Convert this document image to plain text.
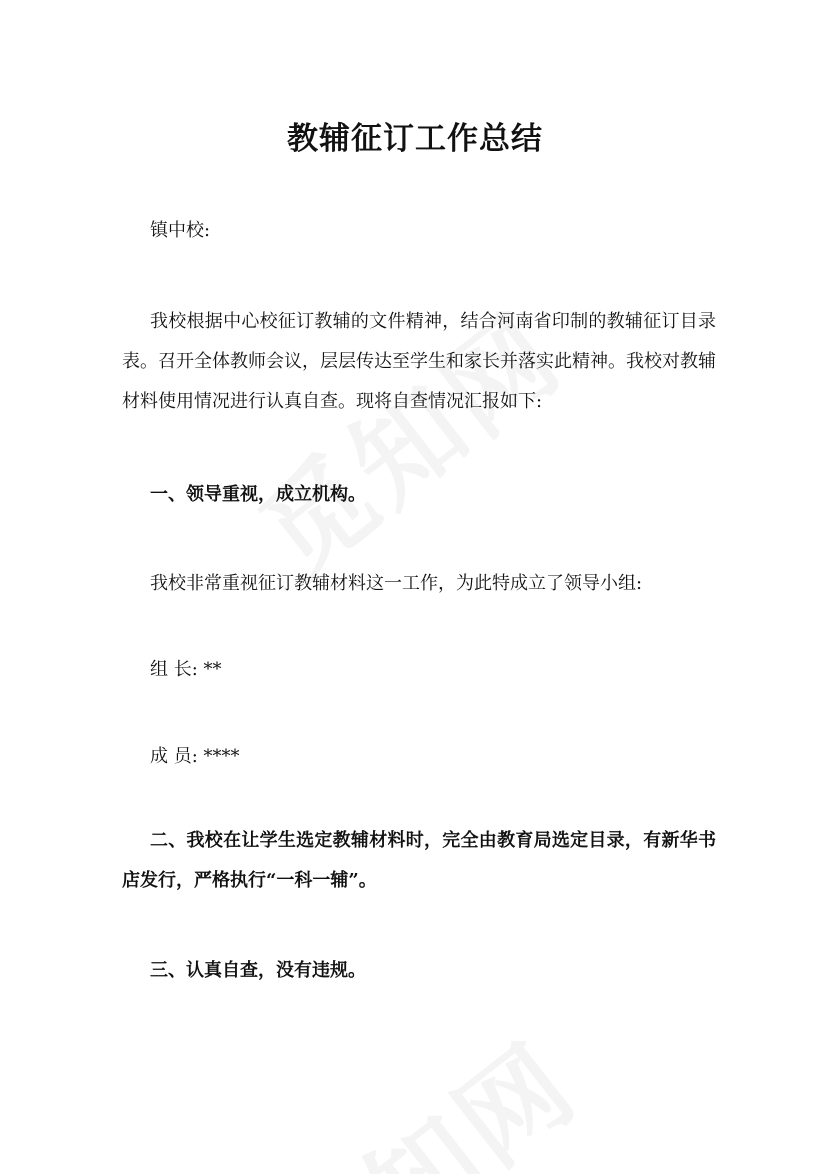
教辅征订工作总结

镇中校:

我校根据中心校征订教辅的文件精神，结合河南省印制的教辅征订目录表。召开全体教师会议，层层传达至学生和家长并落实此精神。我校对教辅材料使用情况进行认真自查。现将自查情况汇报如下:

一、领导重视，成立机构。

我校非常重视征订教辅材料这一工作，为此特成立了领导小组:

组 长: **

成 员: ****

二、我校在让学生选定教辅材料时，完全由教育局选定目录，有新华书店发行，严格执行“一科一辅”。

三、认真自查，没有违规。
